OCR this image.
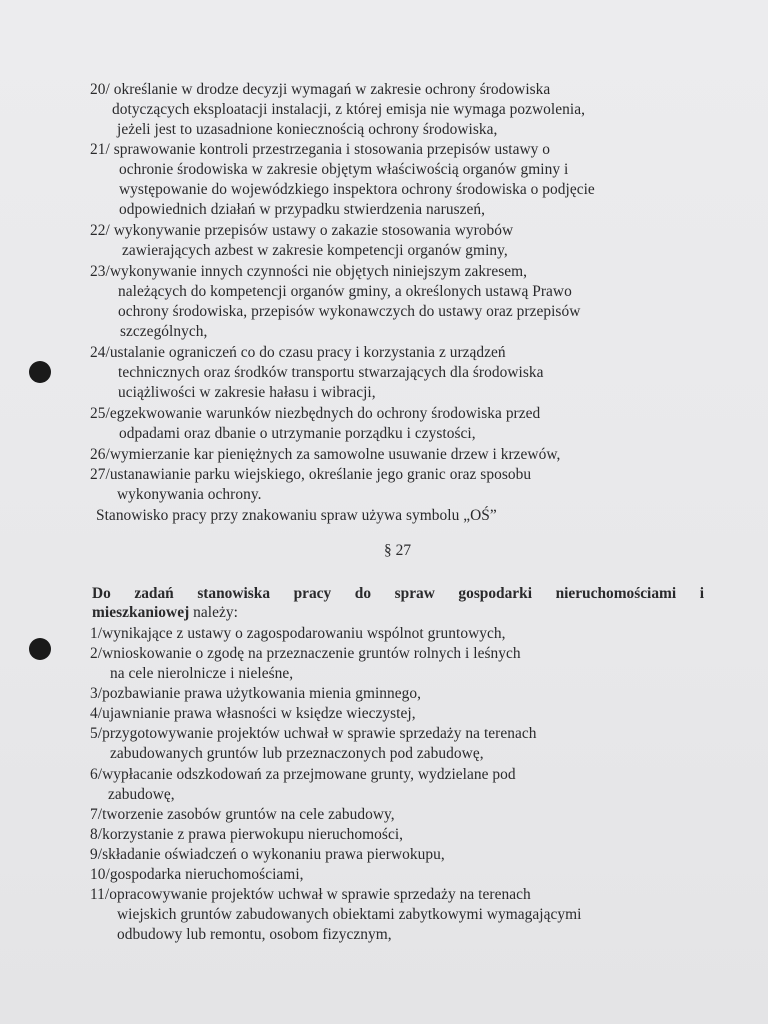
20/ określanie w drodze decyzji wymagań w zakresie ochrony środowiska
dotyczących eksploatacji instalacji, z której emisja nie wymaga pozwolenia,
jeżeli jest to uzasadnione koniecznością ochrony środowiska,
21/ sprawowanie kontroli przestrzegania i stosowania przepisów ustawy o
ochronie środowiska w zakresie objętym właściwością organów gminy i
występowanie do wojewódzkiego inspektora ochrony środowiska o podjęcie
odpowiednich działań w przypadku stwierdzenia naruszeń,
22/ wykonywanie przepisów ustawy o zakazie stosowania wyrobów
zawierających azbest w zakresie kompetencji organów gminy,
23/wykonywanie innych czynności nie objętych niniejszym zakresem,
należących do kompetencji organów gminy, a określonych ustawą Prawo
ochrony środowiska, przepisów wykonawczych do ustawy oraz przepisów
szczególnych,
24/ustalanie ograniczeń co do czasu pracy i korzystania z urządzeń
technicznych oraz środków transportu stwarzających dla środowiska
uciążliwości w zakresie hałasu i wibracji,
25/egzekwowanie warunków niezbędnych do ochrony środowiska przed
odpadami oraz dbanie o utrzymanie porządku i czystości,
26/wymierzanie kar pieniężnych za samowolne usuwanie drzew i krzewów,
27/ustanawianie parku wiejskiego, określanie jego granic oraz sposobu
wykonywania ochrony.
Stanowisko pracy przy znakowaniu spraw używa symbolu „OŚ”
§ 27
Do zadań stanowiska pracy do spraw gospodarki nieruchomościami i
mieszkaniowej należy:
1/wynikające z ustawy o zagospodarowaniu wspólnot gruntowych,
2/wnioskowanie o zgodę na przeznaczenie gruntów rolnych i leśnych
na cele nierolnicze i nieleśne,
3/pozbawianie prawa użytkowania mienia gminnego,
4/ujawnianie prawa własności w księdze wieczystej,
5/przygotowywanie projektów uchwał w sprawie sprzedaży na terenach
zabudowanych gruntów lub przeznaczonych pod zabudowę,
6/wypłacanie odszkodowań za przejmowane grunty, wydzielane pod
zabudowę,
7/tworzenie zasobów gruntów na cele zabudowy,
8/korzystanie z prawa pierwokupu nieruchomości,
9/składanie oświadczeń o wykonaniu prawa pierwokupu,
10/gospodarka nieruchomościami,
11/opracowywanie projektów uchwał w sprawie sprzedaży na terenach
wiejskich gruntów zabudowanych obiektami zabytkowymi wymagającymi
odbudowy lub remontu, osobom fizycznym,
